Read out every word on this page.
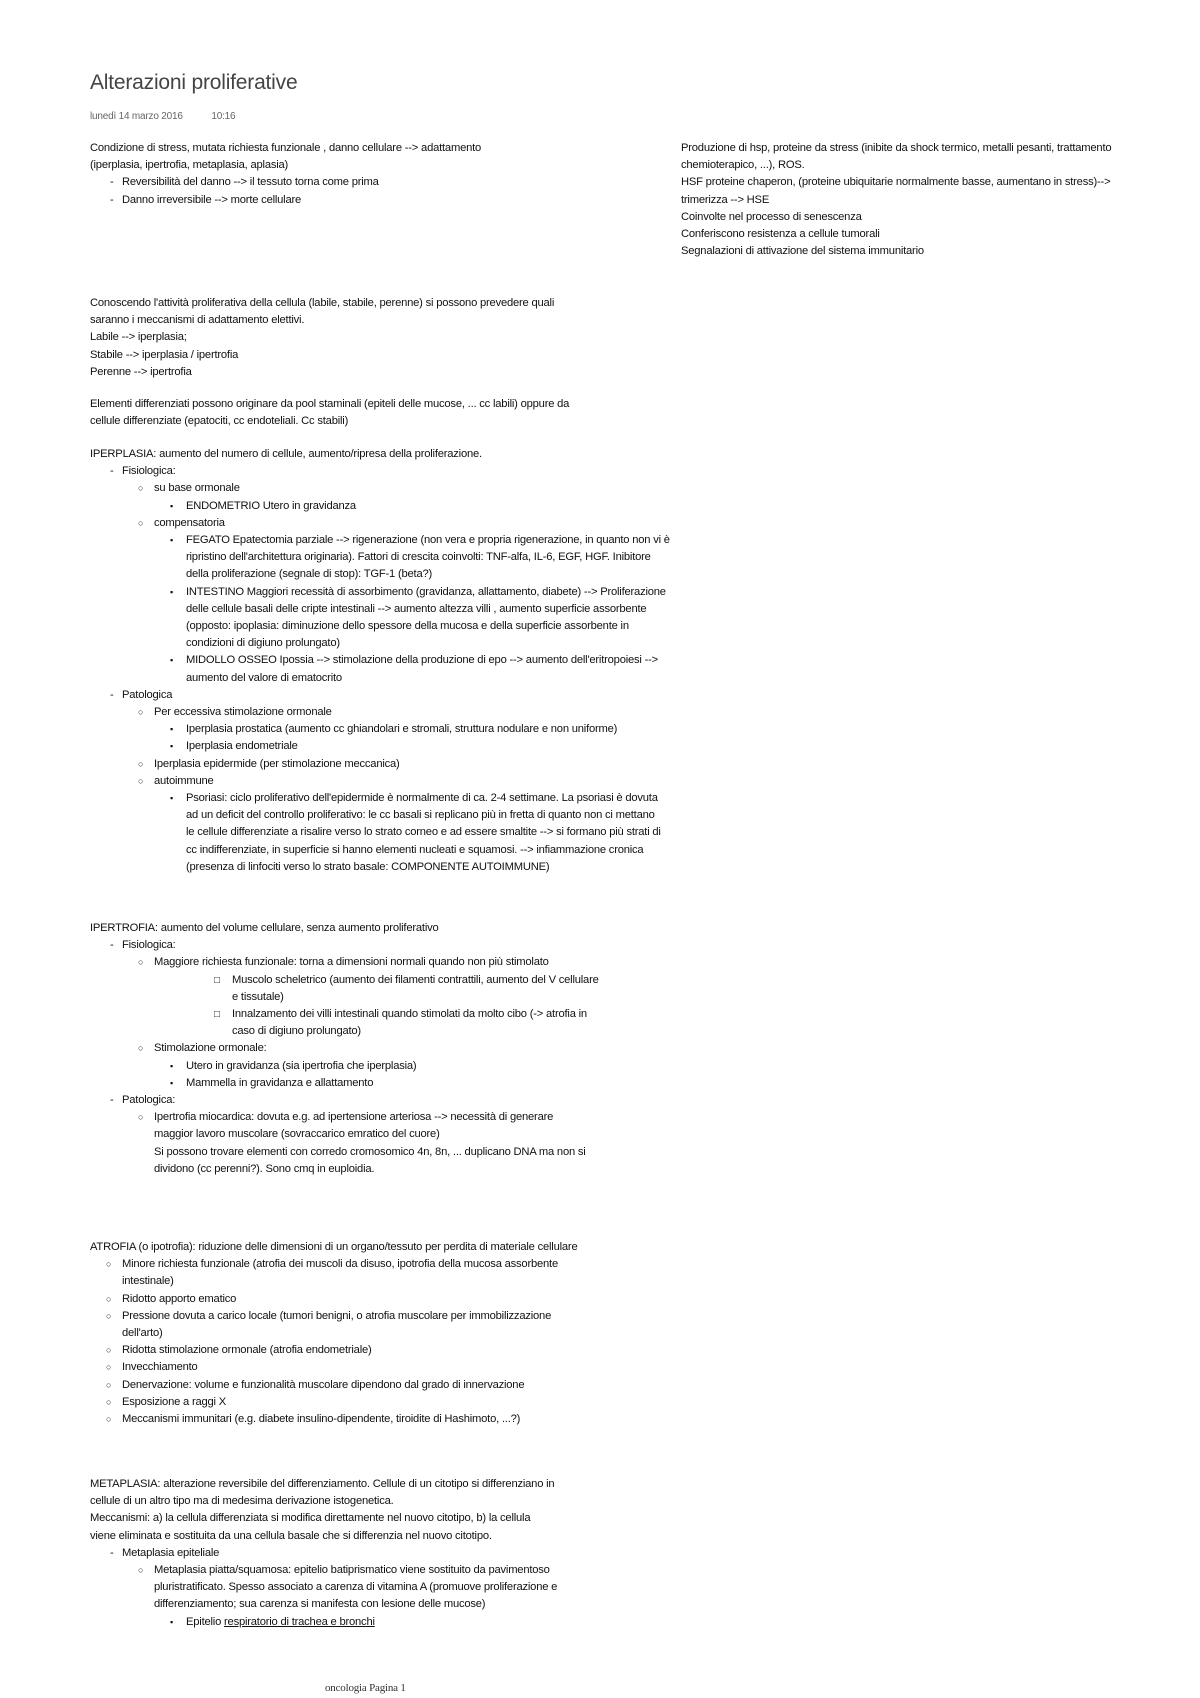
Alterazioni proliferative
lunedì 14 marzo 2016	10:16

Condizione di stress, mutata richiesta funzionale , danno cellulare --> adattamento

(iperplasia, ipertrofia, metaplasia, aplasia)

- Reversibilità del danno --> il tessuto torna come prima
- Danno irreversibile --> morte cellulare

Produzione di hsp, proteine da stress (inibite da shock termico, metalli pesanti, trattamento

chemioterapico, ...), ROS.

HSF proteine chaperon, (proteine ubiquitarie normalmente basse, aumentano in stress)-->

trimerizza --> HSE

Coinvolte nel processo di senescenza

Conferiscono resistenza a cellule tumorali

Segnalazioni di attivazione del sistema immunitario

Conoscendo l'attività proliferativa della cellula (labile, stabile, perenne) si possono prevedere quali

saranno i meccanismi di adattamento elettivi.

Labile --> iperplasia;

Stabile --> iperplasia / ipertrofia

Perenne --> ipertrofia

Elementi differenziati possono originare da pool staminali (epiteli delle mucose, ... cc labili) oppure da

cellule differenziate (epatociti, cc endoteliali. Cc stabili)

IPERPLASIA: aumento del numero di cellule, aumento/ripresa della proliferazione.

- Fisiologica:
○ su base ormonale
▪ ENDOMETRIO Utero in gravidanza
○ compensatoria
▪ FEGATO Epatectomia parziale --> rigenerazione (non vera e propria rigenerazione, in quanto non vi è
ripristino dell'architettura originaria). Fattori di crescita coinvolti: TNF-alfa, IL-6, EGF, HGF. Inibitore
della proliferazione (segnale di stop): TGF-1 (beta?)
▪ INTESTINO Maggiori recessità di assorbimento (gravidanza, allattamento, diabete) --> Proliferazione
delle cellule basali delle cripte intestinali --> aumento altezza villi , aumento superficie assorbente
(opposto: ipoplasia: diminuzione dello spessore della mucosa e della superficie assorbente in
condizioni di digiuno prolungato)
▪ MIDOLLO OSSEO Ipossia --> stimolazione della produzione di epo --> aumento dell'eritropoiesi -->
aumento del valore di ematocrito
- Patologica
○ Per eccessiva stimolazione ormonale
▪ Iperplasia prostatica (aumento cc ghiandolari e stromali, struttura nodulare e non uniforme)
▪ Iperplasia endometriale
○ Iperplasia epidermide (per stimolazione meccanica)
○ autoimmune
▪ Psoriasi: ciclo proliferativo dell'epidermide è normalmente di ca. 2-4 settimane. La psoriasi è dovuta
ad un deficit del controllo proliferativo: le cc basali si replicano più in fretta di quanto non ci mettano
le cellule differenziate a risalire verso lo strato corneo e ad essere smaltite --> si formano più strati di
cc indifferenziate, in superficie si hanno elementi nucleati e squamosi. --> infiammazione cronica
(presenza di linfociti verso lo strato basale: COMPONENTE AUTOIMMUNE)

IPERTROFIA: aumento del volume cellulare, senza aumento proliferativo

- Fisiologica:
○ Maggiore richiesta funzionale: torna a dimensioni normali quando non più stimolato
□ Muscolo scheletrico (aumento dei filamenti contrattili, aumento del V cellulare
e tissutale)
□ Innalzamento dei villi intestinali quando stimolati da molto cibo (-> atrofia in
caso di digiuno prolungato)
○ Stimolazione ormonale:
▪ Utero in gravidanza (sia ipertrofia che iperplasia)
▪ Mammella in gravidanza e allattamento
- Patologica:
○ Ipertrofia miocardica: dovuta e.g. ad ipertensione arteriosa --> necessità di generare
maggior lavoro muscolare (sovraccarico emratico del cuore)
Si possono trovare elementi con corredo cromosomico 4n, 8n, ... duplicano DNA ma non si
dividono (cc perenni?). Sono cmq in euploidia.

ATROFIA (o ipotrofia): riduzione delle dimensioni di un organo/tessuto per perdita di materiale cellulare

○ Minore richiesta funzionale (atrofia dei muscoli da disuso, ipotrofia della mucosa assorbente
intestinale)
○ Ridotto apporto ematico
○ Pressione dovuta a carico locale (tumori benigni, o atrofia muscolare per immobilizzazione
dell'arto)
○ Ridotta stimolazione ormonale (atrofia endometriale)
○ Invecchiamento
○ Denervazione: volume e funzionalità muscolare dipendono dal grado di innervazione
○ Esposizione a raggi X
○ Meccanismi immunitari (e.g. diabete insulino-dipendente, tiroidite di Hashimoto, ...?)

METAPLASIA: alterazione reversibile del differenziamento. Cellule di un citotipo si differenziano in

cellule di un altro tipo ma di medesima derivazione istogenetica.

Meccanismi: a) la cellula differenziata si modifica direttamente nel nuovo citotipo, b) la cellula

viene eliminata e sostituita da una cellula basale che si differenzia nel nuovo citotipo.

- Metaplasia epiteliale
○ Metaplasia piatta/squamosa: epitelio batiprismatico viene sostituito da pavimentoso
pluristratificato. Spesso associato a carenza di vitamina A (promuove proliferazione e
differenziamento; sua carenza si manifesta con lesione delle mucose)
▪ Epitelio respiratorio di trachea e bronchi
oncologia Pagina 1
